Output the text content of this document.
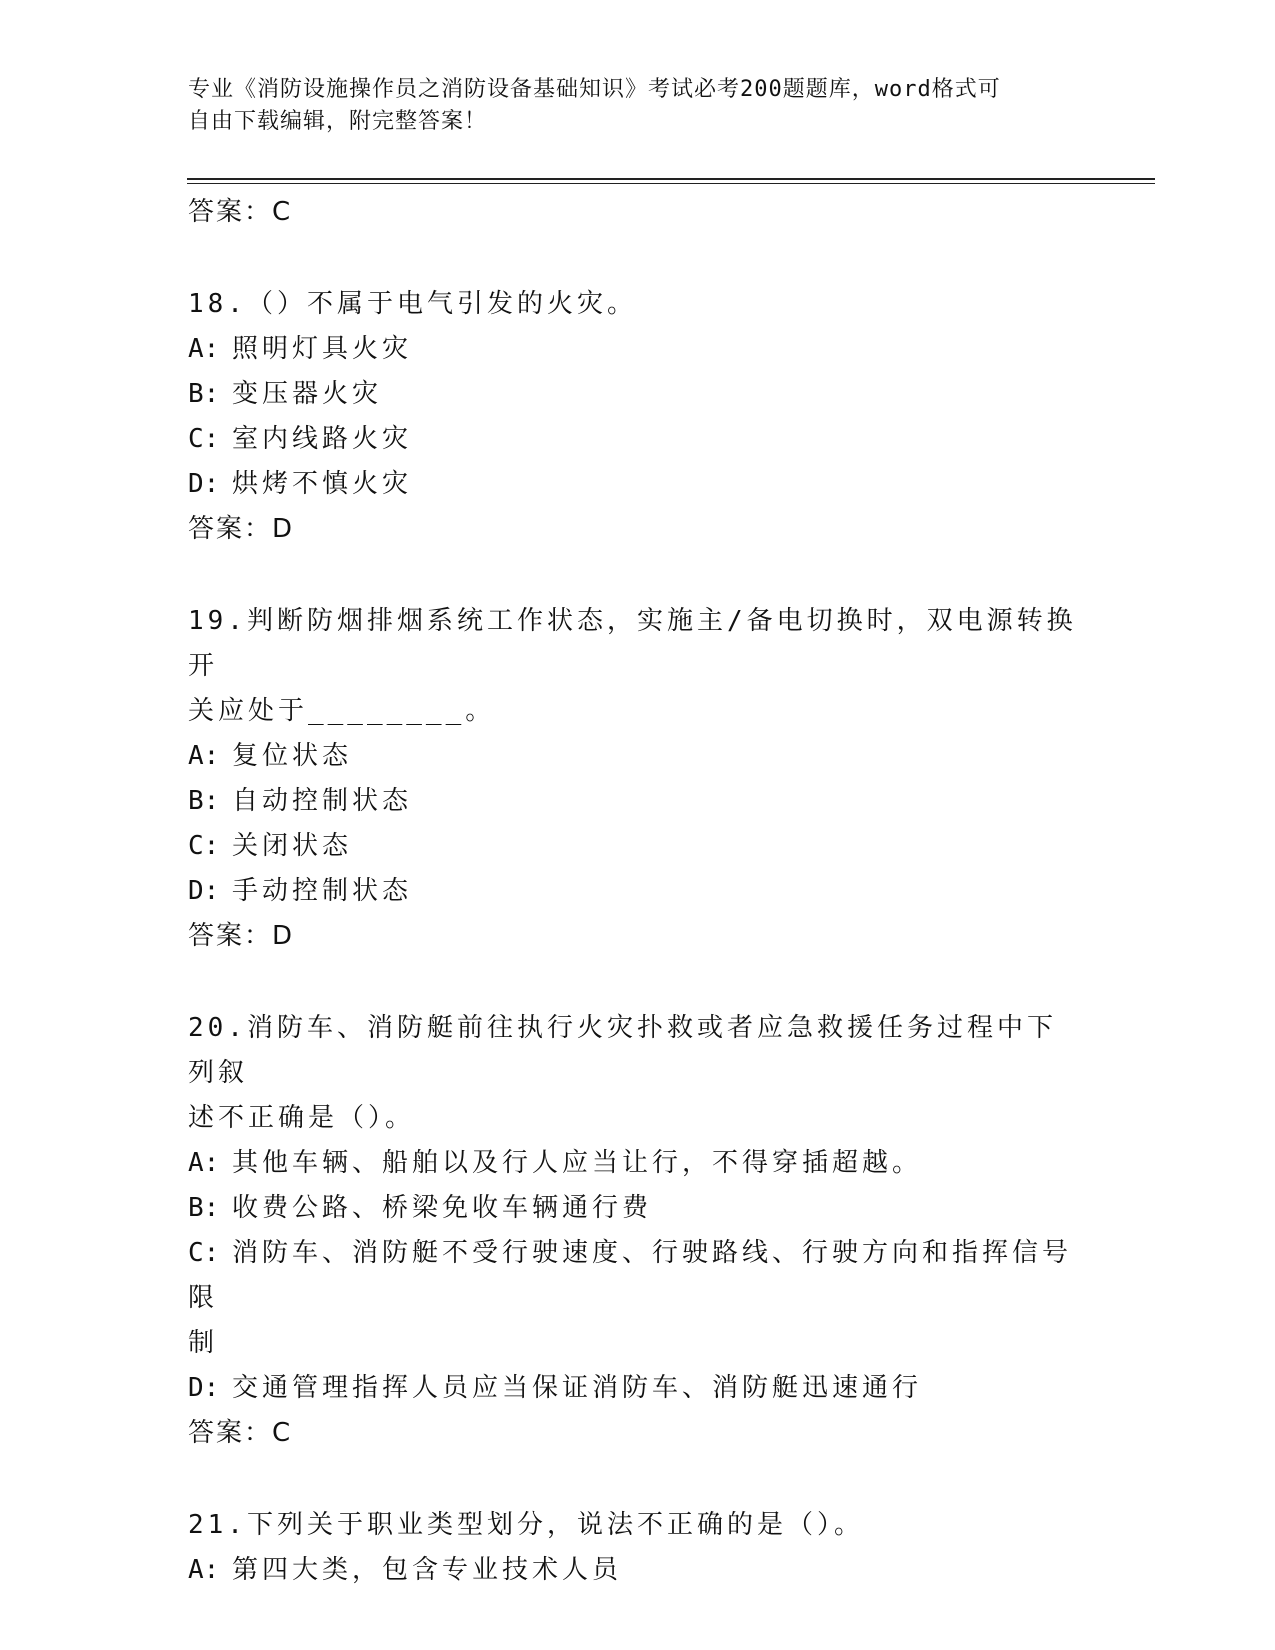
专业《消防设施操作员之消防设备基础知识》考试必考200题题库，word格式可
自由下载编辑，附完整答案！
答案：C
18.（）不属于电气引发的火灾。
A: 照明灯具火灾
B: 变压器火灾
C: 室内线路火灾
D: 烘烤不慎火灾
答案：D
19.判断防烟排烟系统工作状态，实施主/备电切换时，双电源转换开
关应处于________。
A: 复位状态
B: 自动控制状态
C: 关闭状态
D: 手动控制状态
答案：D
20.消防车、消防艇前往执行火灾扑救或者应急救援任务过程中下列叙
述不正确是（）。
A: 其他车辆、船舶以及行人应当让行，不得穿插超越。
B: 收费公路、桥梁免收车辆通行费
C: 消防车、消防艇不受行驶速度、行驶路线、行驶方向和指挥信号限
制
D: 交通管理指挥人员应当保证消防车、消防艇迅速通行
答案：C
21.下列关于职业类型划分，说法不正确的是（）。
A: 第四大类，包含专业技术人员
